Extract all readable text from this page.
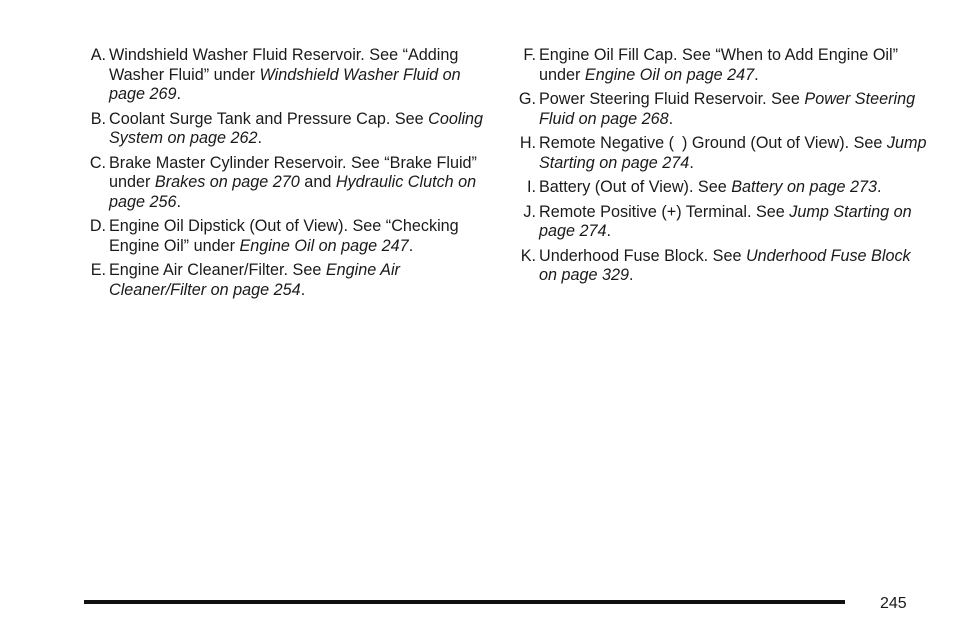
A. Windshield Washer Fluid Reservoir. See “Adding Washer Fluid” under Windshield Washer Fluid on page 269.
B. Coolant Surge Tank and Pressure Cap. See Cooling System on page 262.
C. Brake Master Cylinder Reservoir. See “Brake Fluid” under Brakes on page 270 and Hydraulic Clutch on page 256.
D. Engine Oil Dipstick (Out of View). See “Checking Engine Oil” under Engine Oil on page 247.
E. Engine Air Cleaner/Filter. See Engine Air Cleaner/Filter on page 254.
F. Engine Oil Fill Cap. See “When to Add Engine Oil” under Engine Oil on page 247.
G. Power Steering Fluid Reservoir. See Power Steering Fluid on page 268.
H. Remote Negative ( ) Ground (Out of View). See Jump Starting on page 274.
I. Battery (Out of View). See Battery on page 273.
J. Remote Positive (+) Terminal. See Jump Starting on page 274.
K. Underhood Fuse Block. See Underhood Fuse Block on page 329.
245
